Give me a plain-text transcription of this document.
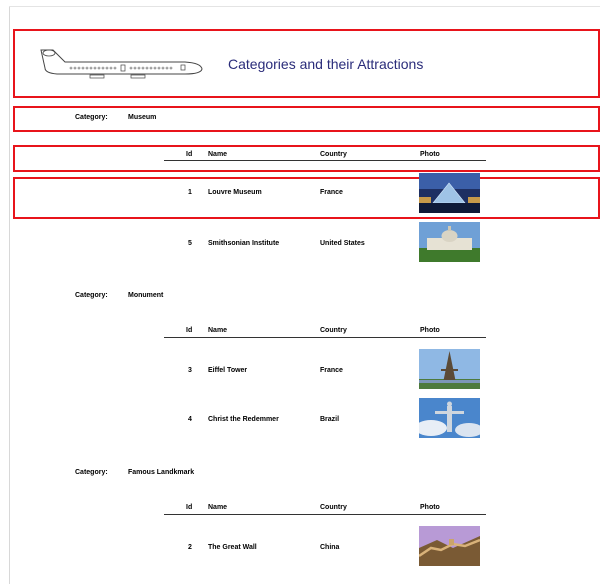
Categories and their Attractions
Category:	Museum
Id Name	Country	Photo
1 Louvre Museum	France
5 Smithsonian Institute	United States
Category:	Monument
Id Name	Country	Photo
3 Eiffel Tower	France
4 Christ the Redemmer	Brazil
Category:	Famous Landkmark
Id Name	Country	Photo
2 The Great Wall	China
